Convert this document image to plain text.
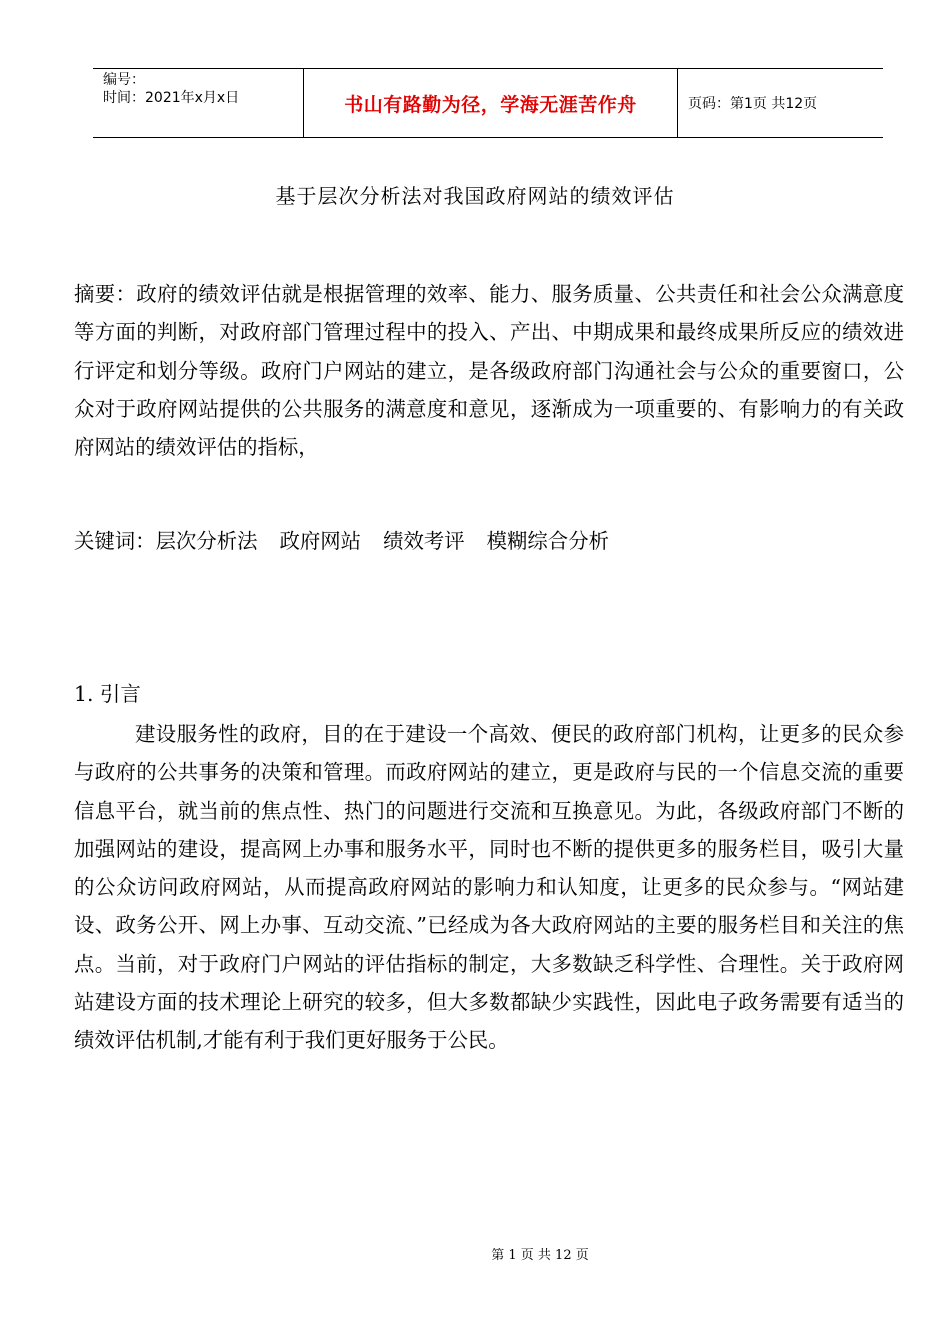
编号：
时间：2021年x月x日	书山有路勤为径，学海无涯苦作舟	页码：第1页 共12页
基于层次分析法对我国政府网站的绩效评估

摘要：政府的绩效评估就是根据管理的效率、能力、服务质量、公共责任和社会公众满意度等方面的判断，对政府部门管理过程中的投入、产出、中期成果和最终成果所反应的绩效进行评定和划分等级。政府门户网站的建立，是各级政府部门沟通社会与公众的重要窗口，公众对于政府网站提供的公共服务的满意度和意见，逐渐成为一项重要的、有影响力的有关政府网站的绩效评估的指标，

关键词：层次分析法 政府网站 绩效考评 模糊综合分析

1. 引言

建设服务性的政府，目的在于建设一个高效、便民的政府部门机构，让更多的民众参与政府的公共事务的决策和管理。而政府网站的建立，更是政府与民的一个信息交流的重要信息平台，就当前的焦点性、热门的问题进行交流和互换意见。为此，各级政府部门不断的加强网站的建设，提高网上办事和服务水平，同时也不断的提供更多的服务栏目，吸引大量的公众访问政府网站，从而提高政府网站的影响力和认知度，让更多的民众参与。“网站建设、政务公开、网上办事、互动交流、”已经成为各大政府网站的主要的服务栏目和关注的焦点。当前，对于政府门户网站的评估指标的制定，大多数缺乏科学性、合理性。关于政府网站建设方面的技术理论上研究的较多，但大多数都缺少实践性，因此电子政务需要有适当的绩效评估机制,才能有利于我们更好服务于公民。

第 1 页 共 12 页
